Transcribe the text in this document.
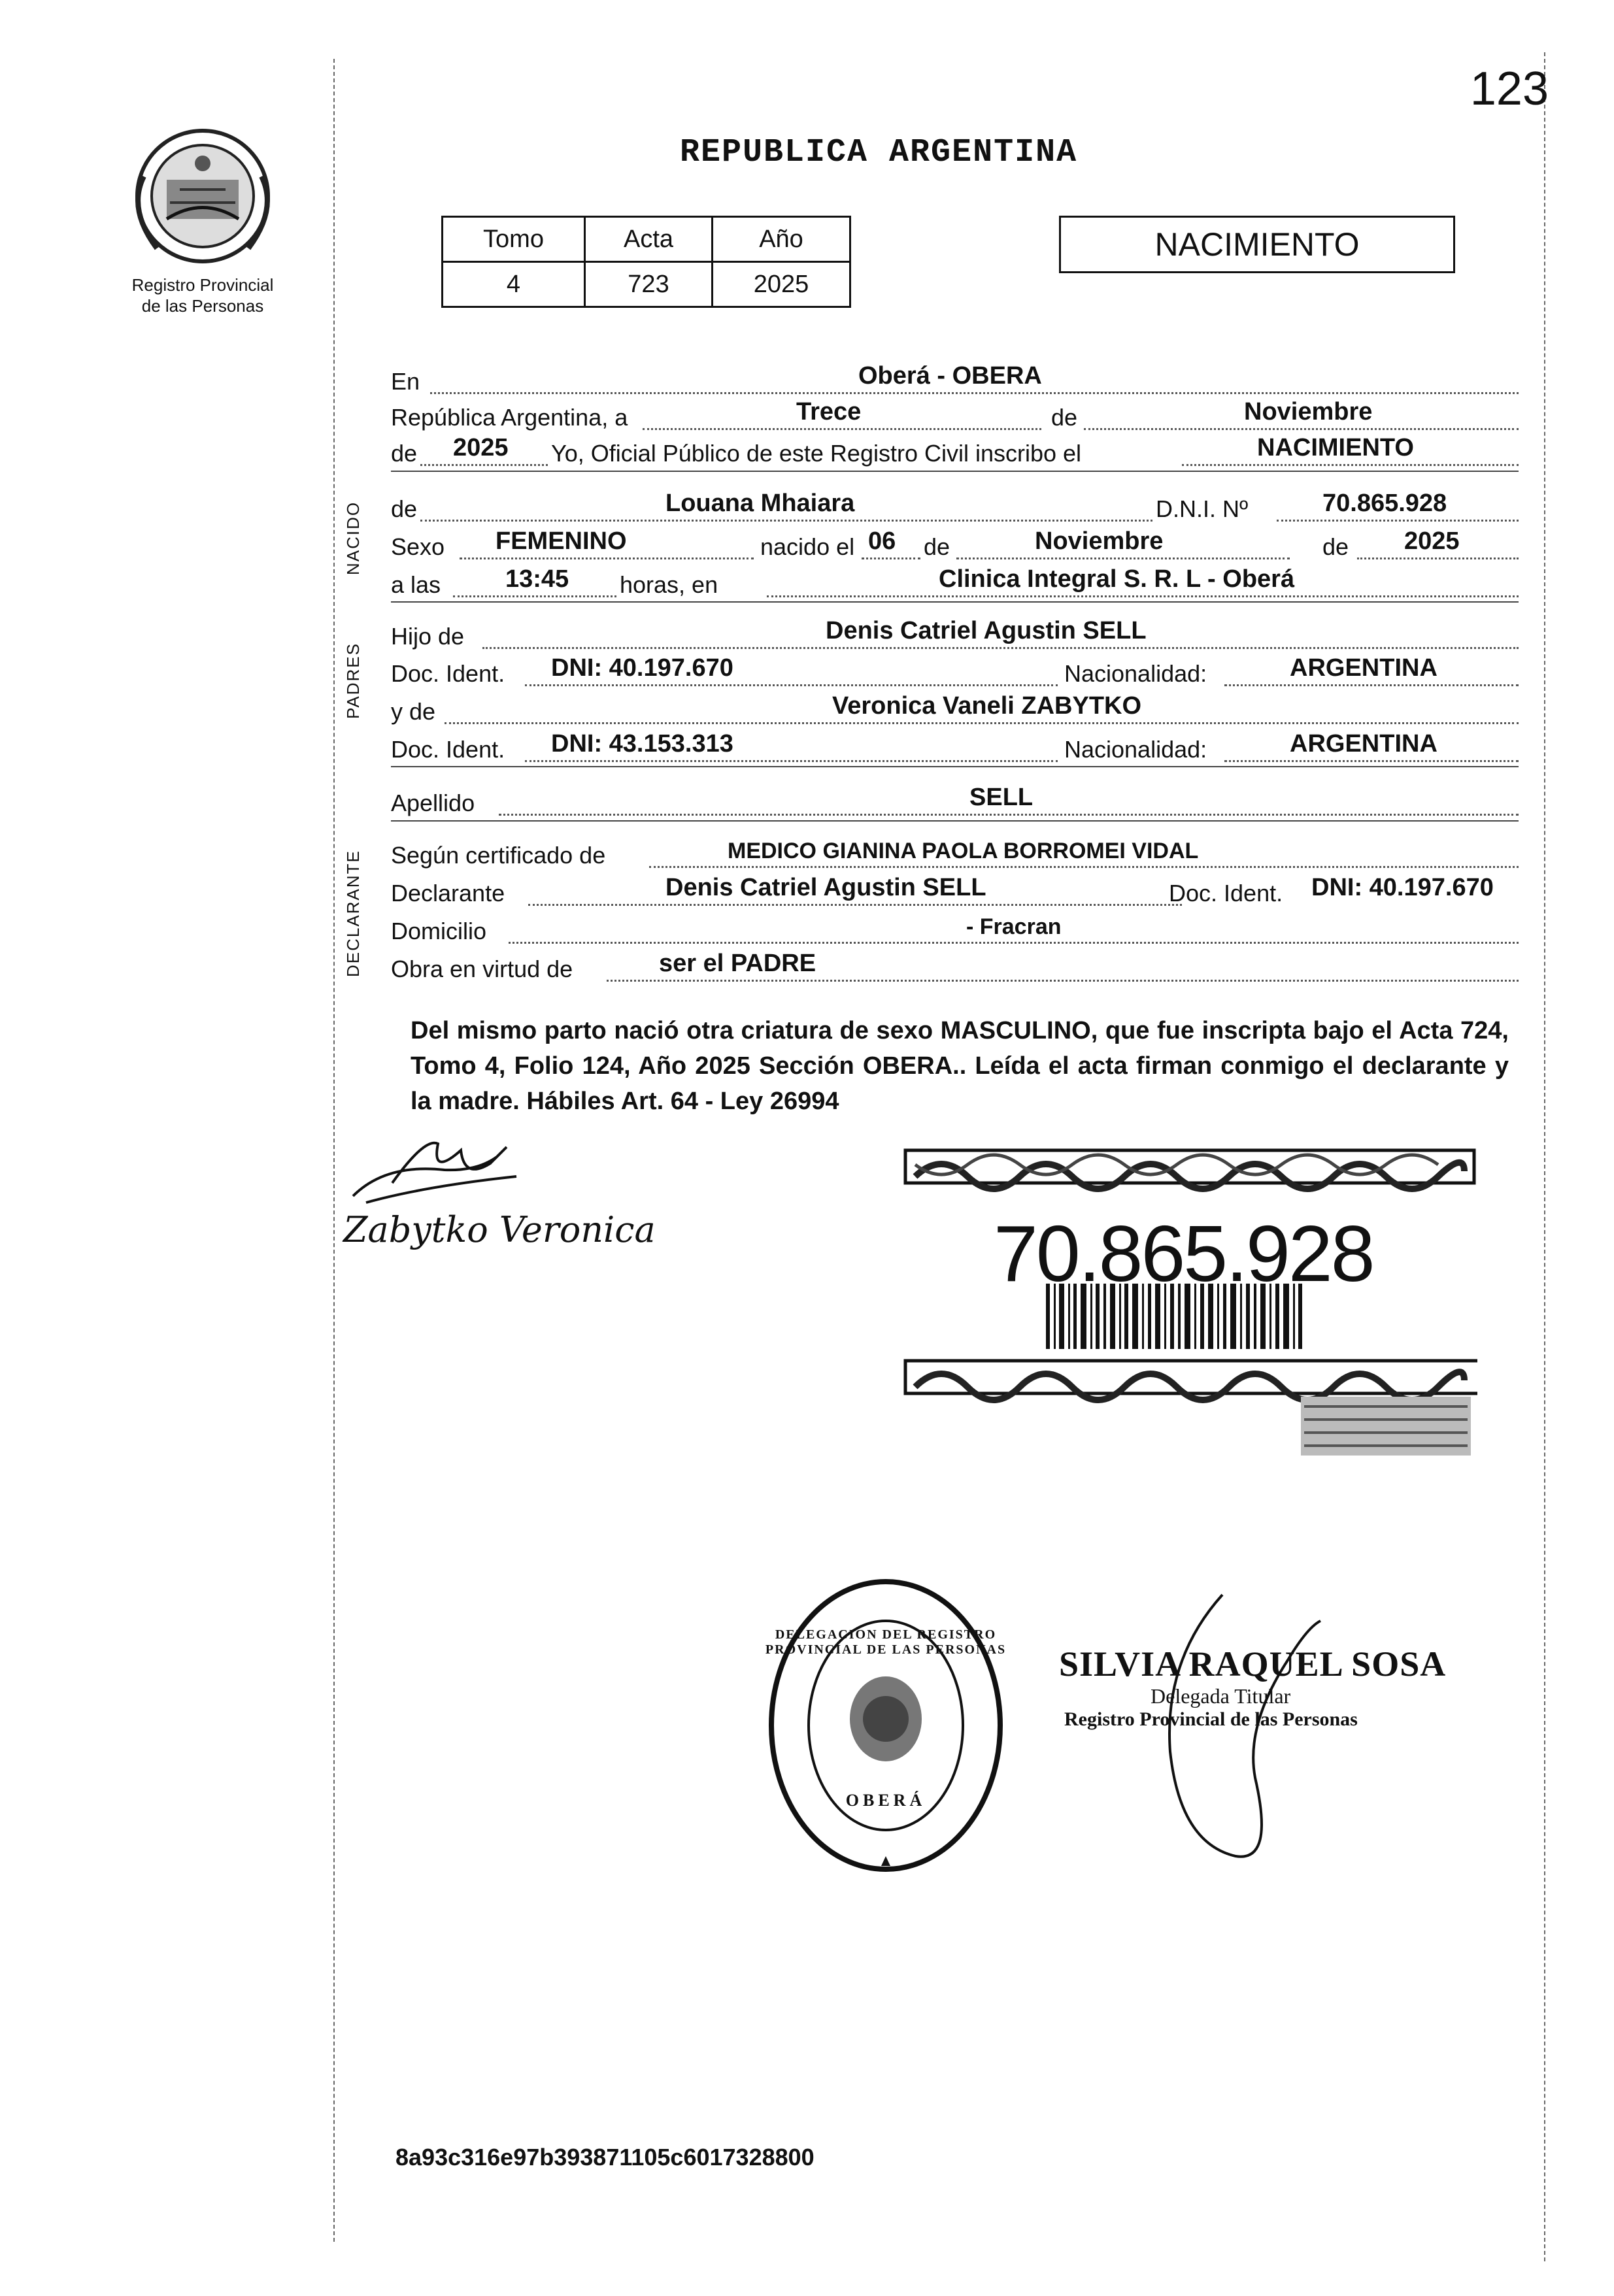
Registro Provincial
de las Personas
123
REPUBLICA ARGENTINA
Tomo	Acta	Año
4	723	2025
NACIMIENTO
En	Oberá - OBERA
República Argentina, a	Trece	de	Noviembre
de 2025 Yo, Oficial Público de este Registro Civil inscribo el	NACIMIENTO
NACIDO de	Louana Mhaiara	D.N.I. Nº	70.865.928
Sexo FEMENINO	nacido el 06 de	Noviembre	de 2025
a las	13:45 horas, en	Clinica Integral S. R. L - Oberá
PADRES
Hijo de	Denis Catriel Agustin SELL
Doc. Ident. DNI: 40.197.670	Nacionalidad:	ARGENTINA
y de	Veronica Vaneli ZABYTKO
Doc. Ident. DNI: 43.153.313	Nacionalidad:	ARGENTINA
Apellido	SELL
DECLARANTE Según certificado de	MEDICO GIANINA PAOLA BORROMEI VIDAL
Declarante	Denis Catriel Agustin SELL	Doc. Ident. DNI: 40.197.670
Domicilio	- Fracran
Obra en virtud de	ser el PADRE
Del mismo parto nació otra criatura de sexo MASCULINO, que fue inscripta bajo el Acta 724, Tomo 4, Folio 124, Año 2025 Sección OBERA.. Leída el acta firman conmigo el declarante y la madre. Hábiles Art. 64 - Ley 26994
Zabytko Veronica	70.865.928
DELEGACION DEL REGISTRO PROVINCIAL DE LAS PERSONAS
OBERÁ
SILVIA RAQUEL SOSA
Delegada Titular
Registro Provincial de las Personas
8a93c316e97b393871105c6017328800
